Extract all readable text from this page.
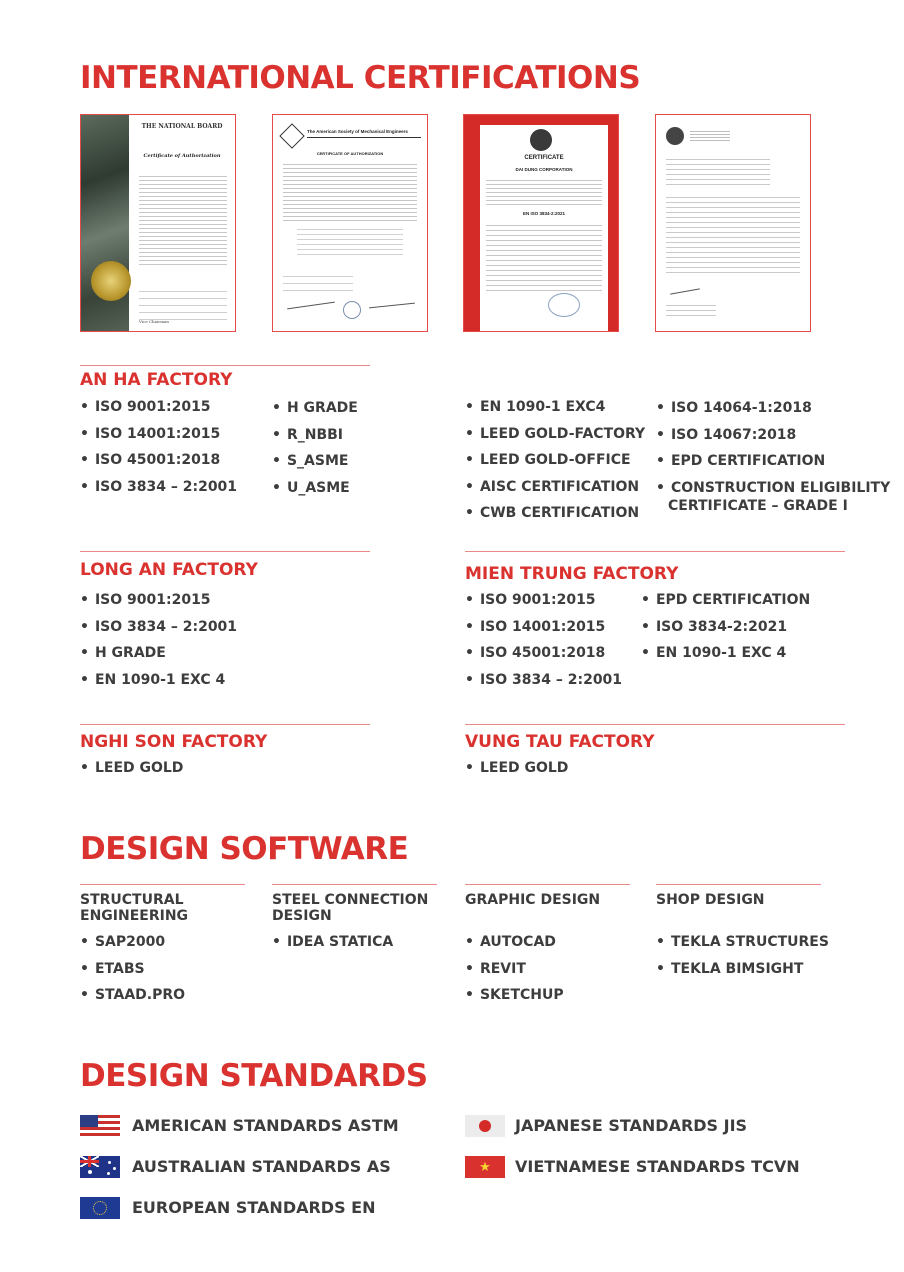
INTERNATIONAL CERTIFICATIONS
THE NATIONAL BOARD
Certificate of Authorization
Vice Chairman
The American Society of Mechanical Engineers
CERTIFICATE OF AUTHORIZATION
CERTIFICATE
DAI DUNG CORPORATION
EN ISO 3834-2:2021
AN HA FACTORY
• ISO 9001:2015
• ISO 14001:2015
• ISO 45001:2018
• ISO 3834 – 2:2001
• H GRADE
• R_NBBI
• S_ASME
• U_ASME
• EN 1090-1 EXC4
• LEED GOLD-FACTORY
• LEED GOLD-OFFICE
• AISC CERTIFICATION
• CWB CERTIFICATION
• ISO 14064-1:2018
• ISO 14067:2018
• EPD CERTIFICATION
• CONSTRUCTION ELIGIBILITY
CERTIFICATE – GRADE I
LONG AN FACTORY
• ISO 9001:2015
• ISO 3834 – 2:2001
• H GRADE
• EN 1090-1 EXC 4
MIEN TRUNG FACTORY
• ISO 9001:2015
• ISO 14001:2015
• ISO 45001:2018
• ISO 3834 – 2:2001
• EPD CERTIFICATION
• ISO 3834-2:2021
• EN 1090-1 EXC 4
NGHI SON FACTORY
• LEED GOLD
VUNG TAU FACTORY
• LEED GOLD
DESIGN SOFTWARE
STRUCTURAL ENGINEERING
• SAP2000
• ETABS
• STAAD.PRO
STEEL CONNECTION DESIGN
• IDEA STATICA
GRAPHIC DESIGN
• AUTOCAD
• REVIT
• SKETCHUP
SHOP DESIGN
• TEKLA STRUCTURES
• TEKLA BIMSIGHT
DESIGN STANDARDS
AMERICAN STANDARDS ASTM
AUSTRALIAN STANDARDS AS
EUROPEAN STANDARDS EN
JAPANESE STANDARDS JIS
★	VIETNAMESE STANDARDS TCVN
